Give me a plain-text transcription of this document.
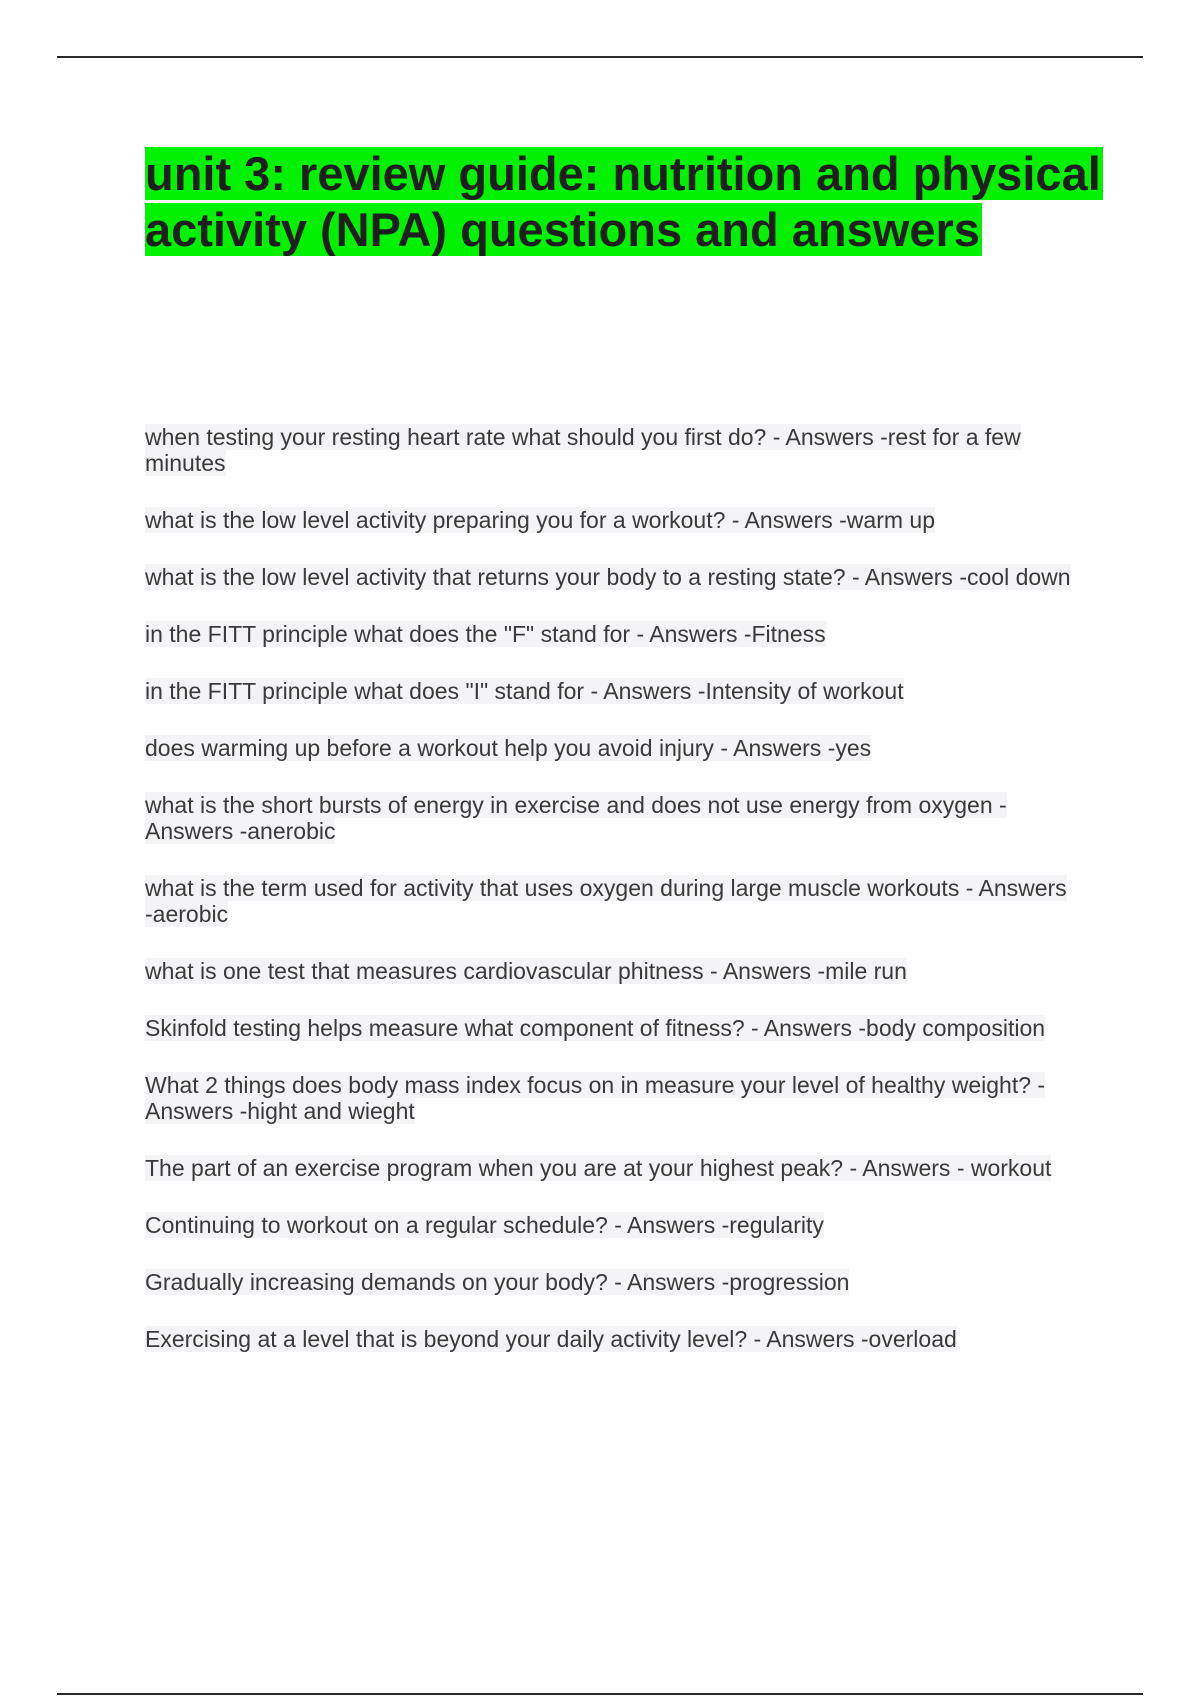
unit 3: review guide: nutrition and physical activity (NPA) questions and answers
when testing your resting heart rate what should you first do? - Answers -rest for a few minutes
what is the low level activity preparing you for a workout? - Answers -warm up
what is the low level activity that returns your body to a resting state? - Answers -cool down
in the FITT principle what does the "F" stand for - Answers -Fitness
in the FITT principle what does "I" stand for - Answers -Intensity of workout
does warming up before a workout help you avoid injury - Answers -yes
what is the short bursts of energy in exercise and does not use energy from oxygen - Answers -anerobic
what is the term used for activity that uses oxygen during large muscle workouts - Answers -aerobic
what is one test that measures cardiovascular phitness - Answers -mile run
Skinfold testing helps measure what component of fitness? - Answers -body composition
What 2 things does body mass index focus on in measure your level of healthy weight? - Answers -hight and wieght
The part of an exercise program when you are at your highest peak? - Answers - workout
Continuing to workout on a regular schedule? - Answers -regularity
Gradually increasing demands on your body? - Answers -progression
Exercising at a level that is beyond your daily activity level? - Answers -overload
